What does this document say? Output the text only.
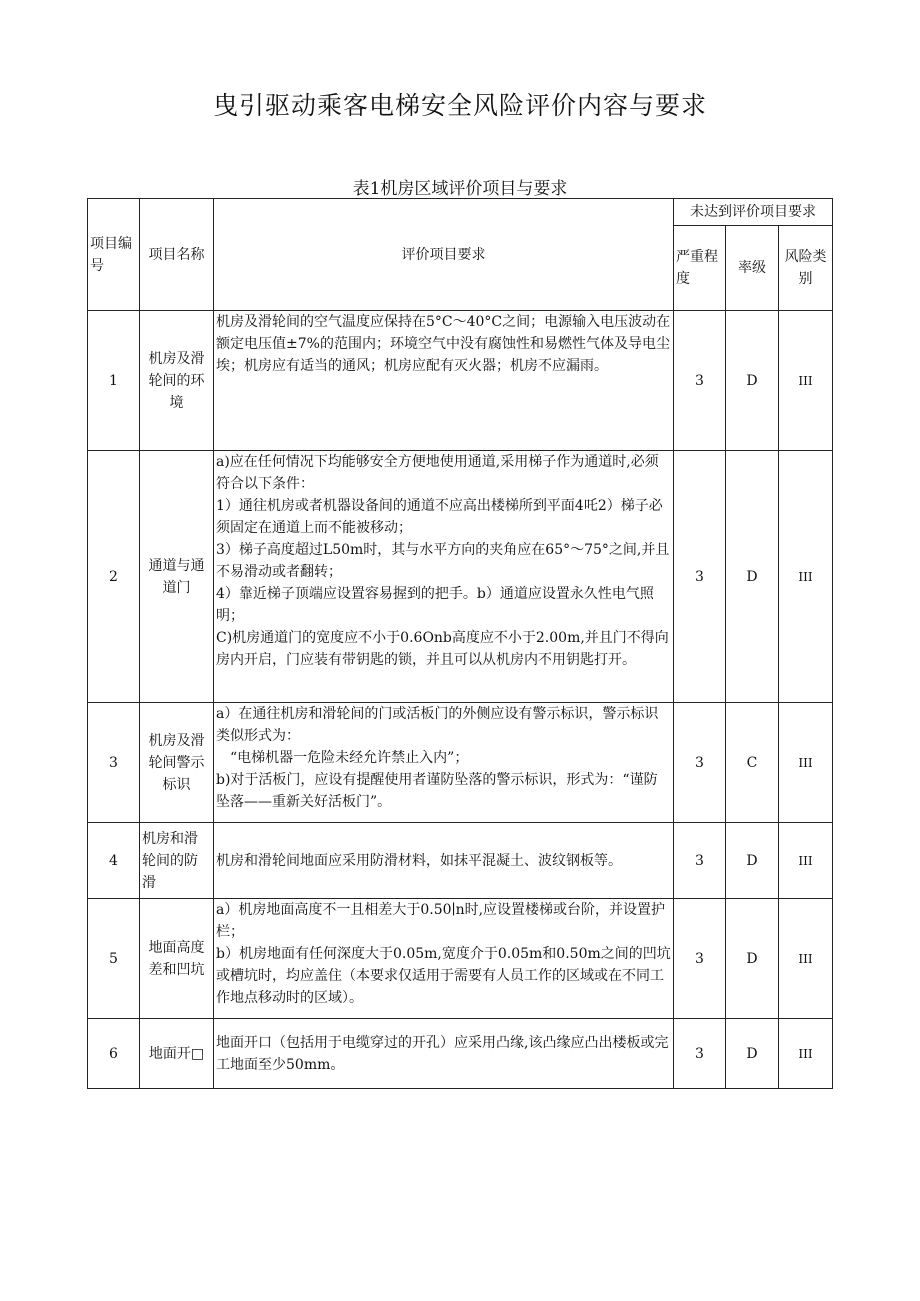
曳引驱动乘客电梯安全风险评价内容与要求
表1机房区域评价项目与要求
项目编号	项目名称	评价项目要求	未达到评价项目要求		
			严重程度	率级	风险类别
1	机房及滑轮间的环境	机房及滑轮间的空气温度应保持在5°C～40°C之间；电源输入电压波动在额定电压值±7%的范围内；环境空气中没有腐蚀性和易燃性气体及导电尘埃；机房应有适当的通风；机房应配有灭火器；机房不应漏雨。	3	D	III
2	通道与通道门	a)应在任何情况下均能够安全方便地使用通道,采用梯子作为通道时,必须符合以下条件：
1）通往机房或者机器设备间的通道不应高出楼梯所到平面4吒2）梯子必须固定在通道上而不能被移动；
3）梯子高度超过L50m时，其与水平方向的夹角应在65°～75°之间,并且不易滑动或者翻转；
4）靠近梯子顶端应设置容易握到的把手。b）通道应设置永久性电气照明；
C)机房通道门的宽度应不小于0.6Onb高度应不小于2.00m,并且门不得向房内开启，门应装有带钥匙的锁，并且可以从机房内不用钥匙打开。	3	D	III
3	机房及滑轮间警示标识	a）在通往机房和滑轮间的门或活板门的外侧应设有警示标识，警示标识类似形式为：
“电梯机器一危险未经允许禁止入内”；
b)对于活板门，应设有提醒使用者谨防坠落的警示标识，形式为：“谨防坠落——重新关好活板门”。	3	C	III
4	机房和滑轮间的防滑	机房和滑轮间地面应采用防滑材料，如抹平混凝土、波纹钢板等。	3	D	III
5	地面高度差和凹坑	a）机房地面高度不一且相差大于0.50∣n时,应设置楼梯或台阶，并设置护栏；
b）机房地面有任何深度大于0.05m,宽度介于0.05m和0.50m之间的凹坑或槽坑时，均应盖住（本要求仅适用于需要有人员工作的区域或在不同工作地点移动时的区域）。	3	D	III
6	地面开□	地面开口（包括用于电缆穿过的开孔）应采用凸缘,该凸缘应凸出楼板或完工地面至少50mm。	3	D	III
